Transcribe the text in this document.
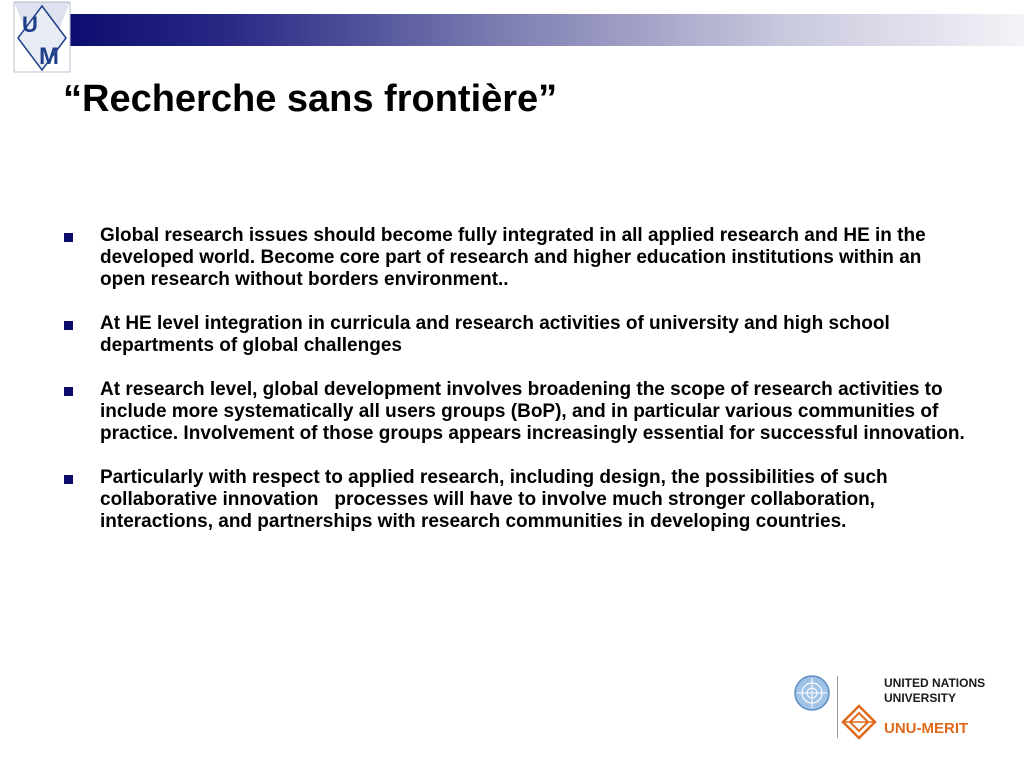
U
M
“Recherche sans frontière”
Global research issues should become fully integrated in all applied research and HE in the developed world. Become core part of research and higher education institutions within an open research without borders environment..
At HE level integration in curricula and research activities of university and high school departments of global challenges
At research level, global development involves broadening the scope of research activities to include more systematically all users groups (BoP), and in particular various communities of practice. Involvement of those groups appears increasingly essential for successful innovation.
Particularly with respect to applied research, including design, the possibilities of such collaborative innovation   processes will have to involve much stronger collaboration, interactions, and partnerships with research communities in developing countries.
UNITED NATIONS
UNIVERSITY
UNU-MERIT
